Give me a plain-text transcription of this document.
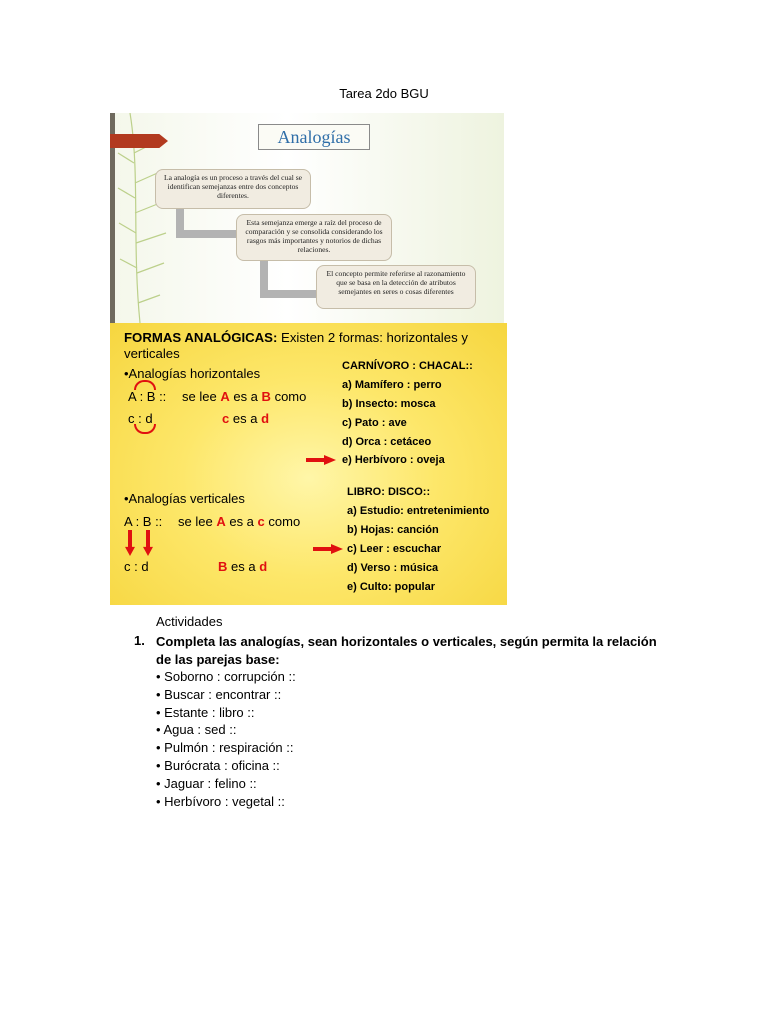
Tarea 2do BGU
Analogías
La analogía es un proceso a través del cual se identifican semejanzas entre dos conceptos diferentes.
Esta semejanza emerge a raíz del proceso de comparación y se consolida considerando los rasgos más importantes y notorios de dichas relaciones.
El concepto permite referirse al razonamiento que se basa en la detección de atributos semejantes en seres o cosas diferentes
FORMAS ANALÓGICAS: Existen 2 formas: horizontales y
verticales
•Analogías horizontales
A : B :: se lee A es a B como
c : d	c es a d
•Analogías verticales
A : B :: se lee A es a c como
c : d	B es a d
CARNÍVORO : CHACAL::
a) Mamífero : perro
b) Insecto: mosca
c) Pato : ave
d) Orca : cetáceo
e) Herbívoro : oveja
LIBRO: DISCO::
a) Estudio: entretenimiento
b) Hojas: canción
c) Leer : escuchar
d) Verso : música
e) Culto: popular
Actividades
1. Completa las analogías, sean horizontales o verticales, según permita la relación de las parejas base:
• Soborno : corrupción ::
• Buscar : encontrar ::
• Estante : libro ::
• Agua : sed ::
• Pulmón : respiración ::
• Burócrata : oficina ::
• Jaguar : felino ::
• Herbívoro : vegetal ::
